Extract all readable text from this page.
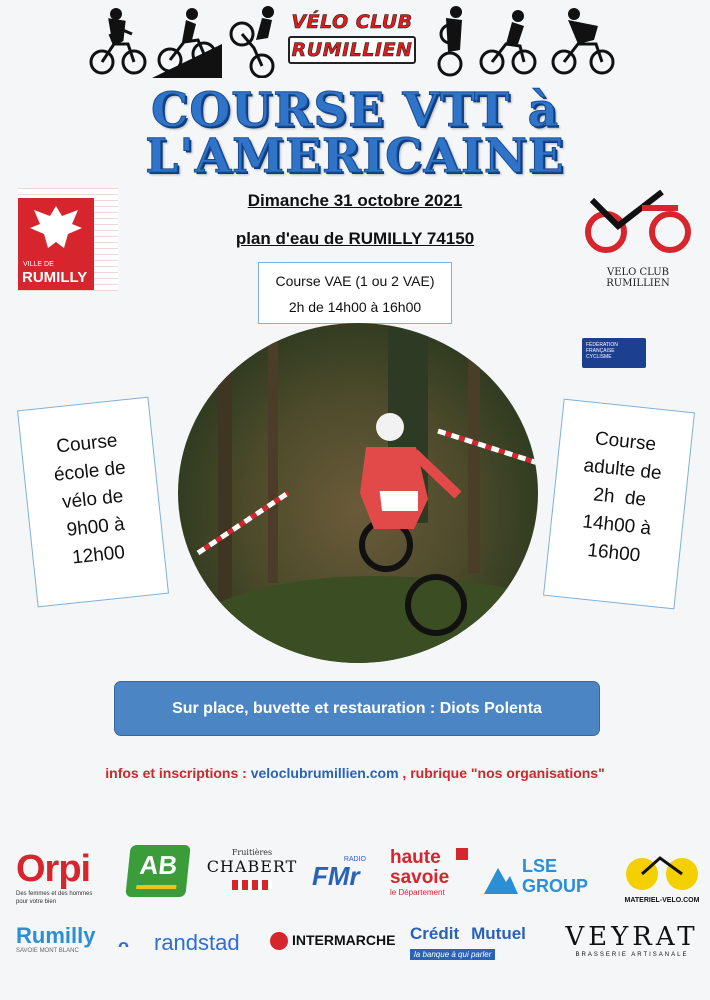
VÉLO CLUB
RUMILLIEN
COURSE VTT à
L'AMERICAINE
VILLE DE
RUMILLY	VELO CLUB RUMILLIEN
FÉDÉRATION
FRANÇAISE
CYCLISME
Dimanche 31 octobre 2021
plan d'eau de RUMILLY 74150
Course VAE (1 ou 2 VAE)
2h de 14h00 à 16h00
Course
école de
vélo de
9h00 à
12h00
Course
adulte de
2h  de
14h00 à
16h00
Sur place, buvette et restauration : Diots Polenta
infos et inscriptions : veloclubrumillien.com , rubrique "nos organisations"
Orpi
Des femmes et des hommes
pour votre bien
AB	Fruitières
CHABERT	RADIO
FMr
haute
savoie
le Département
LSE
GROUP
MATERIEL-VELO.COM
Rumilly
SAVOIE MONT BLANC	ᴖ randstad	INTERMARCHE Crédit Mutuel
la banque à qui parler
VEYRAT
BRASSERIE ARTISANALE
